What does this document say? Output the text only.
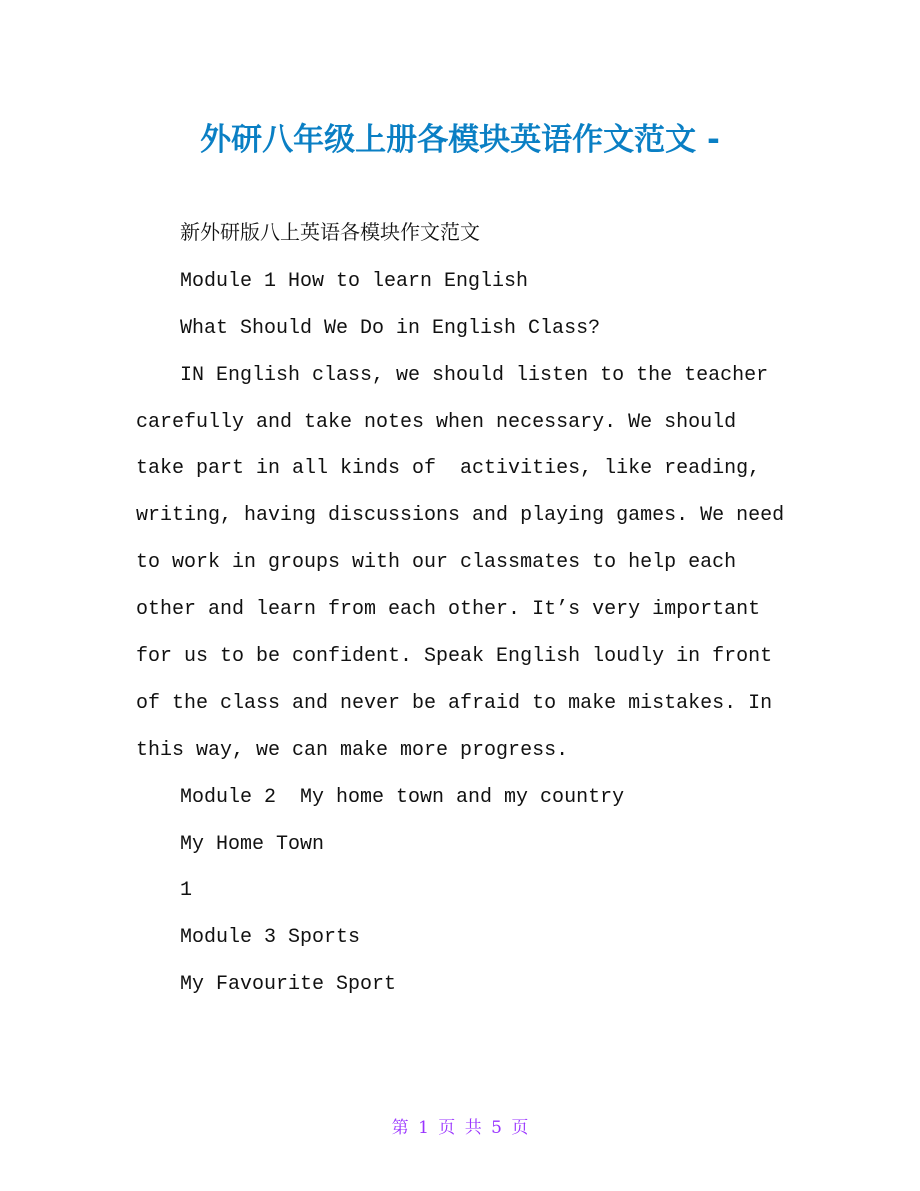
外研八年级上册各模块英语作文范文 -
新外研版八上英语各模块作文范文
Module 1 How to learn English
What Should We Do in English Class?
IN English class, we should listen to the teacher
carefully and take notes when necessary. We should
take part in all kinds of  activities, like reading,
writing, having discussions and playing games. We need
to work in groups with our classmates to help each
other and learn from each other. It’s very important
for us to be confident. Speak English loudly in front
of the class and never be afraid to make mistakes. In
this way, we can make more progress.
Module 2  My home town and my country
My Home Town
1
Module 3 Sports
My Favourite Sport
第 1 页 共 5 页
